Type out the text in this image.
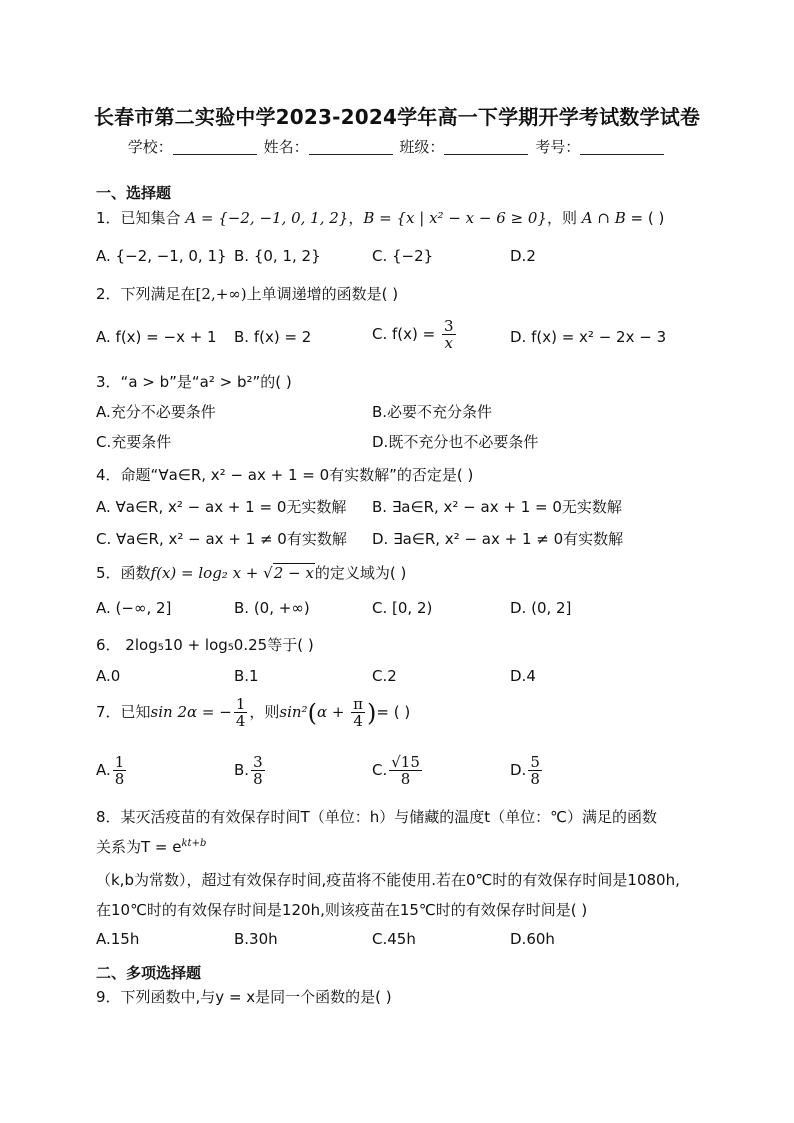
长春市第二实验中学2023-2024学年高一下学期开学考试数学试卷
学校：	姓名：	班级：	考号：
一、选择题
1．已知集合 A = {−2, −1, 0, 1, 2}，B = {x | x² − x − 6 ≥ 0}，则 A ∩ B = ( )
A. {−2, −1, 0, 1} B. {0, 1, 2}	C. {−2}	D.2
2．下列满足在[2,+∞)上单调递增的函数是( )
A. f(x) = −x + 1 B. f(x) = 2	C. $f(x) = \frac{3}{x}$	D. f(x) = x² − 2x − 3
3．“a > b”是“a² > b²”的( )
A.充分不必要条件	B.必要不充分条件
C.充要条件	D.既不充分也不必要条件
4．命题“∀a∈R, x² − ax + 1 = 0有实数解”的否定是( )
A. ∀a∈R, x² − ax + 1 = 0无实数解 B. ∃a∈R, x² − ax + 1 = 0无实数解
C. ∀a∈R, x² − ax + 1 ≠ 0有实数解 D. ∃a∈R, x² − ax + 1 ≠ 0有实数解
5．函数f(x) = log₂ x + √2 − x的定义域为( )
A. (−∞, 2]	B. (0, +∞)	C. [0, 2)	D. (0, 2]
6． 2log₅10 + log₅0.25等于( )
A.0	B.1	C.2	D.4
7．已知sin 2α = − $\frac{1}{4}$ ，则$\sin^2(\alpha + \frac{\pi}{4}$ )= ( )
A. $\frac{1}{8}$	B. $\frac{3}{8}$	C. $\frac{√15}{8}$	D. $\frac{5}{8}$
8．某灭活疫苗的有效保存时间T（单位：h）与储藏的温度t（单位：℃）满足的函数
关系为$T = e^{kt+b}$
（k,b为常数），超过有效保存时间,疫苗将不能使用.若在0℃时的有效保存时间是1080h,
在10℃时的有效保存时间是120h,则该疫苗在15℃时的有效保存时间是( )
A.15h	B.30h	C.45h	D.60h
二、多项选择题
9．下列函数中,与y = x是同一个函数的是( )
